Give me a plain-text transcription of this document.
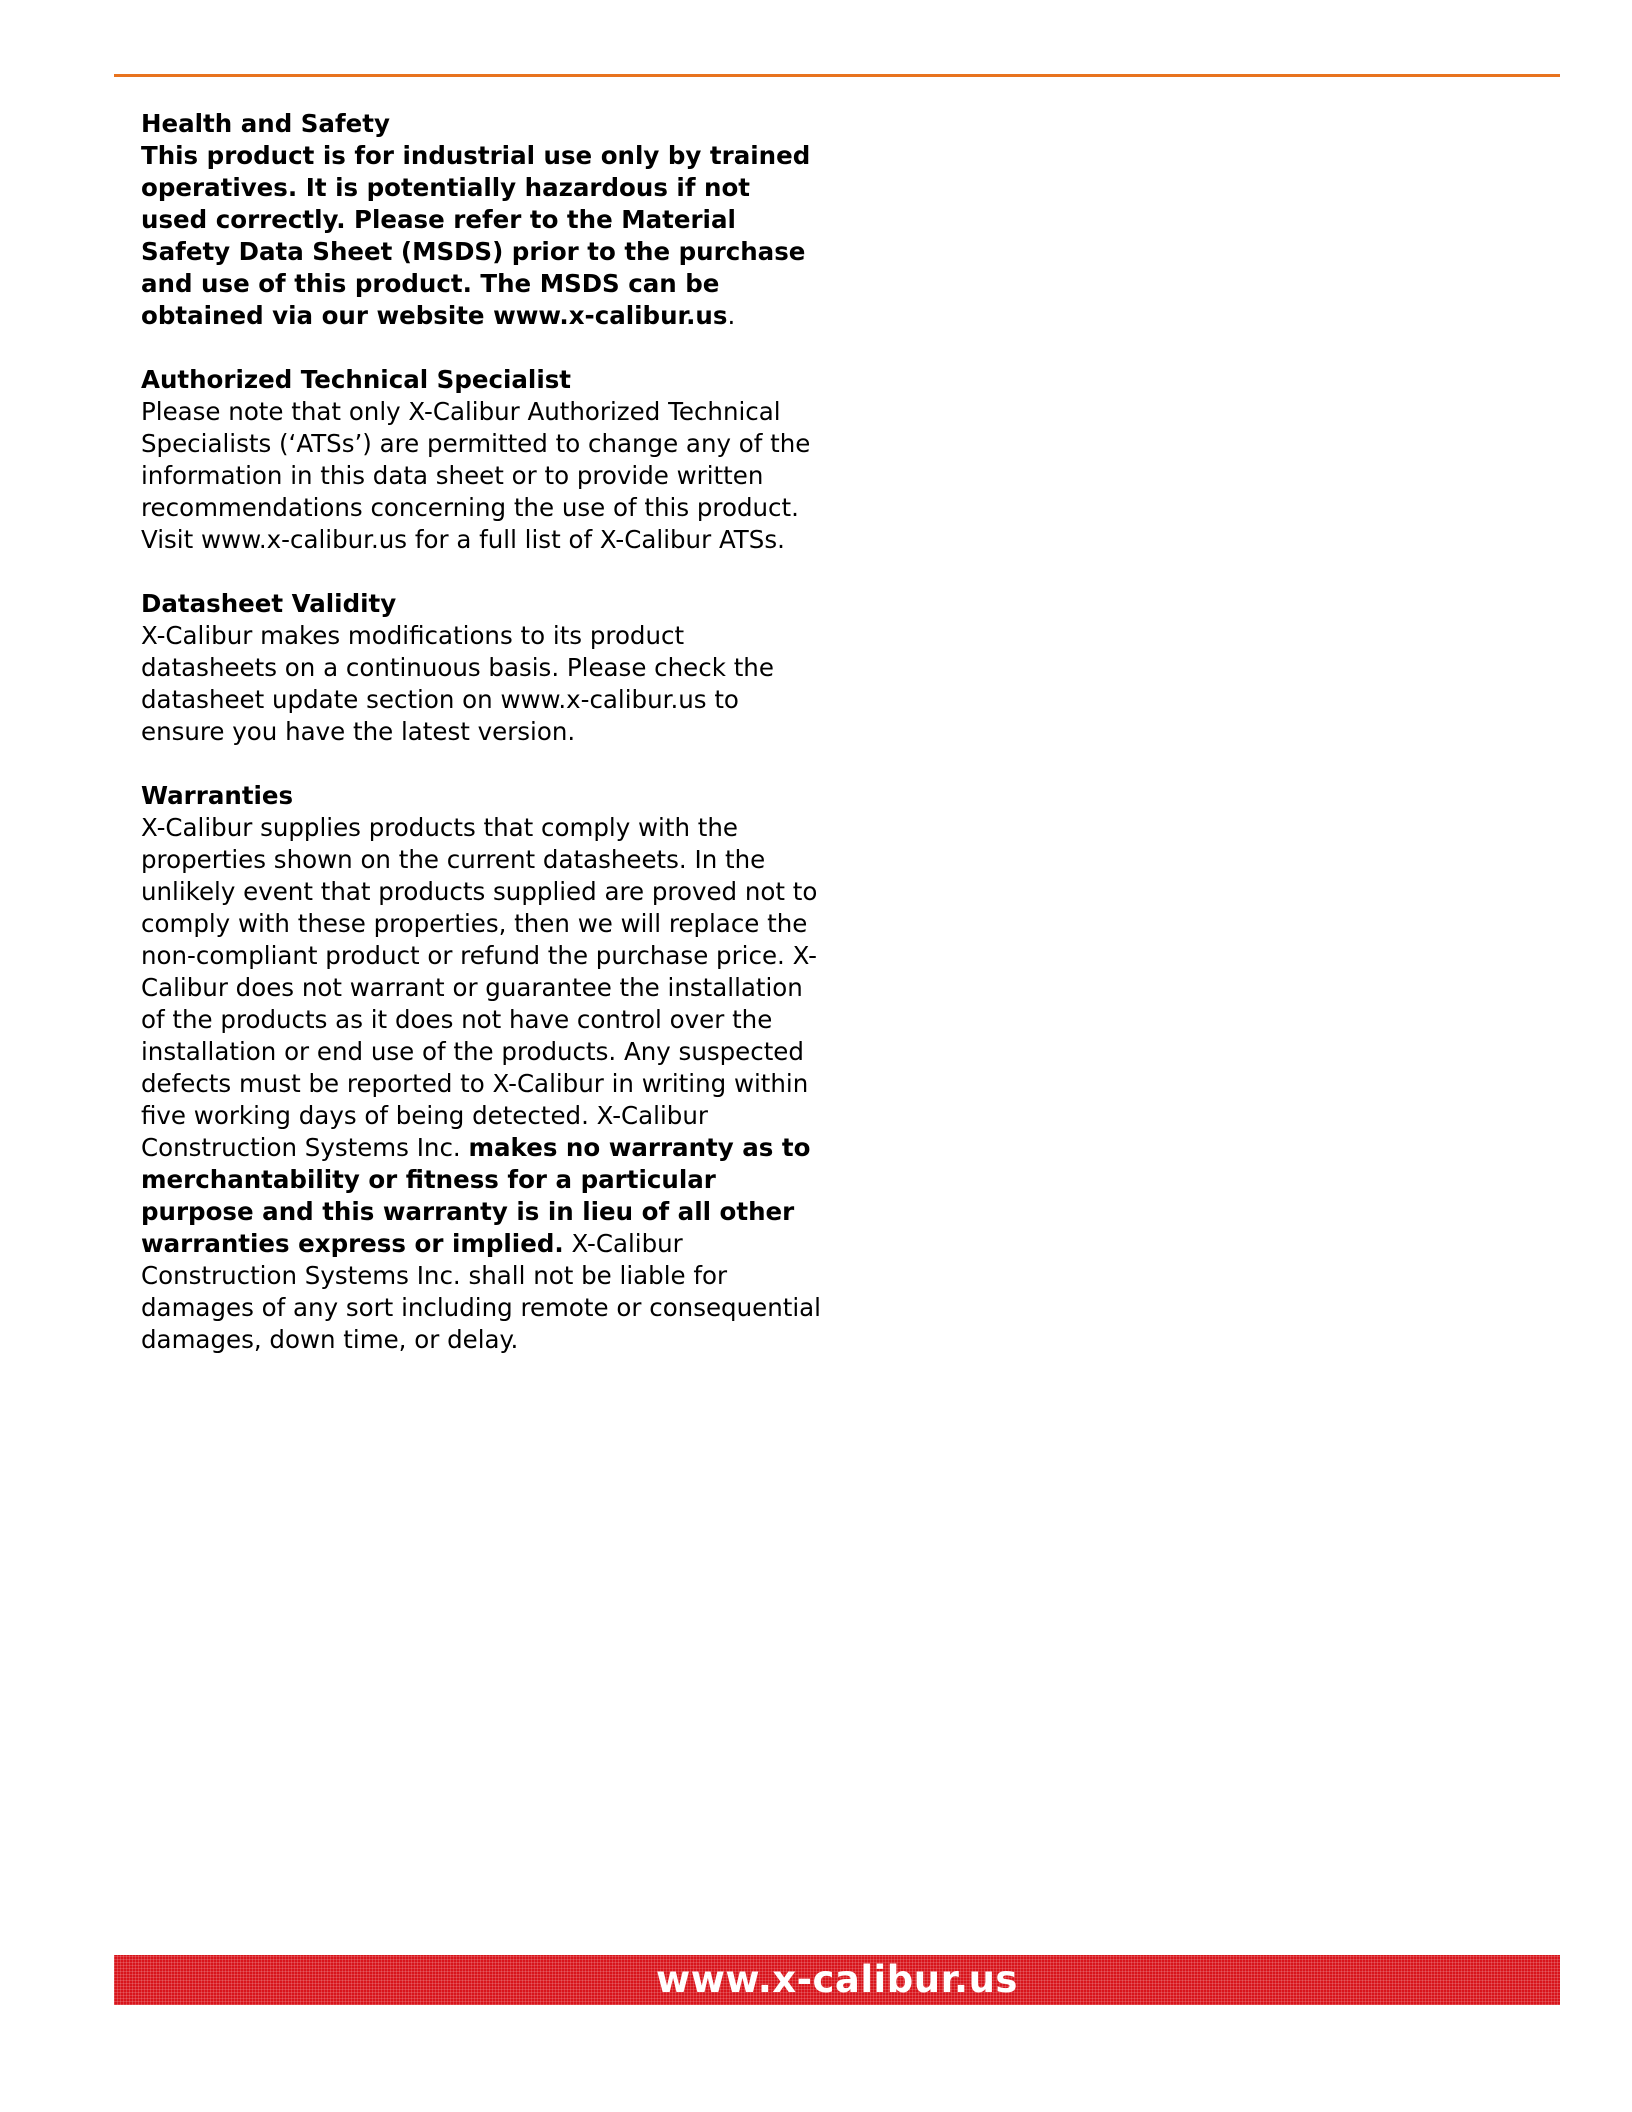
Health and Safety

This product is for industrial use only by trained operatives. It is potentially hazardous if not used correctly. Please refer to the Material Safety Data Sheet (MSDS) prior to the purchase and use of this product. The MSDS can be obtained via our website www.x-calibur.us.

Authorized Technical Specialist

Please note that only X-Calibur Authorized Technical Specialists (‘ATSs’) are permitted to change any of the information in this data sheet or to provide written recommendations concerning the use of this product. Visit www.x-calibur.us for a full list of X-Calibur ATSs.

Datasheet Validity

X-Calibur makes modifications to its product datasheets on a continuous basis. Please check the datasheet update section on www.x-calibur.us to ensure you have the latest version.

Warranties

X-Calibur supplies products that comply with the properties shown on the current datasheets. In the unlikely event that products supplied are proved not to comply with these properties, then we will replace the non-compliant product or refund the purchase price. X-Calibur does not warrant or guarantee the installation of the products as it does not have control over the installation or end use of the products. Any suspected defects must be reported to X-Calibur in writing within five working days of being detected. X-Calibur Construction Systems Inc. makes no warranty as to merchantability or fitness for a particular purpose and this warranty is in lieu of all other warranties express or implied. X-Calibur Construction Systems Inc. shall not be liable for damages of any sort including remote or consequential damages, down time, or delay.

www.x-calibur.us
